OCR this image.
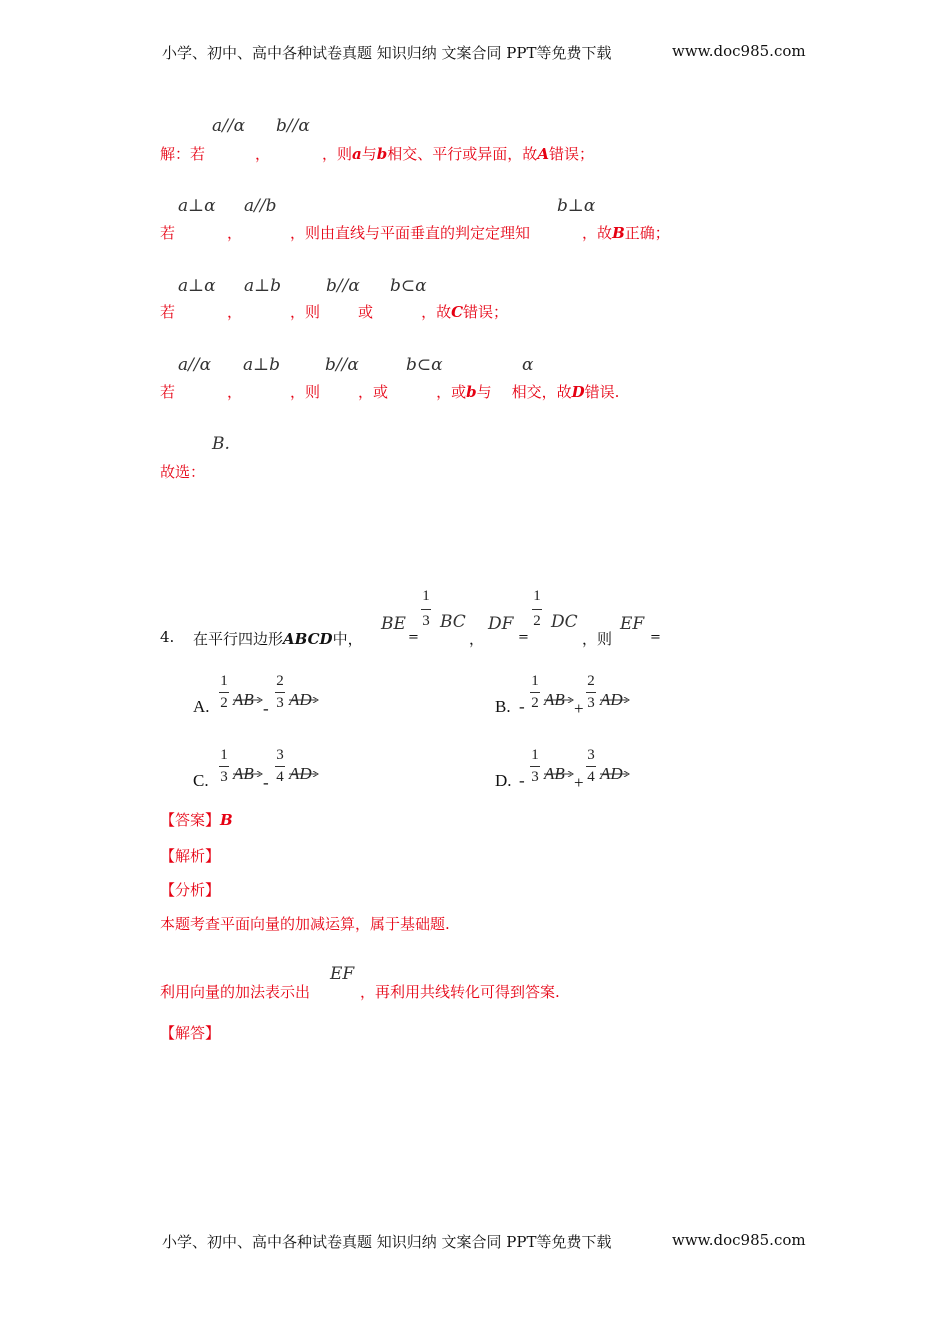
小学、初中、高中各种试卷真题 知识归纳 文案合同 PPT等免费下载	www.doc985.com
a//α b//α
解：若	，	，则a与b相交、平行或异面，故A错误；
a⊥α a//b	b⊥α
若	，	，则由直线与平面垂直的判定定理知	，故B正确；
a⊥α a⊥b	b//α b⊂α
若	，	，则	或	，故C错误；
a//α a⊥b	b//α	b⊂α	α
若	，	，则	，或	，或b与 相交，故D错误.
B.
故选：
4. 在平行四边形ABCD中，
BE
=
1
3 BC
，
DF
=
1
2 DC
，则
EF
=
A.
1
2 AB -
2
3 AD	B. -
1
2 AB +
2
3 AD
C.
1
3 AB -
3
4 AD	D. -
1
3 AB +
3
4 AD
【答案】B
【解析】
【分析】
本题考查平面向量的加减运算，属于基础题.
利用向量的加法表示出
EF
，再利用共线转化可得到答案.
【解答】
小学、初中、高中各种试卷真题 知识归纳 文案合同 PPT等免费下载	www.doc985.com
